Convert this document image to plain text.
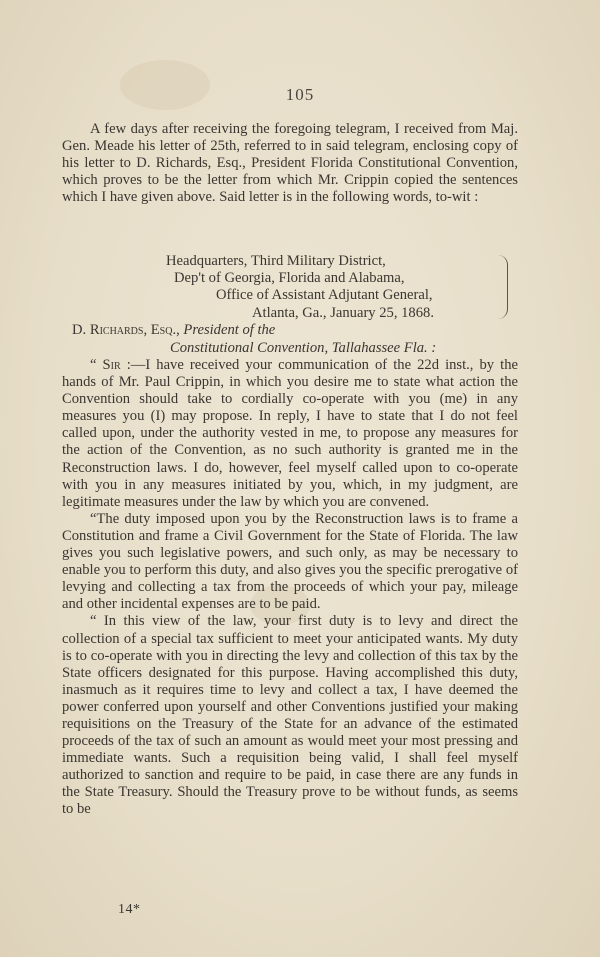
105

A few days after receiving the foregoing telegram, I received from Maj. Gen. Meade his letter of 25th, referred to in said telegram, enclosing copy of his letter to D. Richards, Esq., President Florida Constitutional Convention, which proves to be the letter from which Mr. Crippin copied the sentences which I have given above. Said letter is in the following words, to-wit :

Headquarters, Third Military District,
Dep't of Georgia, Florida and Alabama,
Office of Assistant Adjutant General,
Atlanta, Ga., January 25, 1868.
D. Richards, Esq., President of the
Constitutional Convention, Tallahassee Fla. :

“ Sir :—I have received your communication of the 22d inst., by the hands of Mr. Paul Crippin, in which you desire me to state what action the Convention should take to cordially co-operate with you (me) in any measures you (I) may propose. In reply, I have to state that I do not feel called upon, under the authority vested in me, to propose any measures for the action of the Convention, as no such authority is granted me in the Reconstruction laws. I do, however, feel myself called upon to co-operate with you in any measures initiated by you, which, in my judgment, are legitimate measures under the law by which you are convened.

“The duty imposed upon you by the Reconstruction laws is to frame a Constitution and frame a Civil Government for the State of Florida. The law gives you such legislative powers, and such only, as may be necessary to enable you to perform this duty, and also gives you the specific prerogative of levying and collecting a tax from the proceeds of which your pay, mileage and other incidental expenses are to be paid.

“ In this view of the law, your first duty is to levy and direct the collection of a special tax sufficient to meet your anticipated wants. My duty is to co-operate with you in directing the levy and collection of this tax by the State officers designated for this purpose. Having accomplished this duty, inasmuch as it requires time to levy and collect a tax, I have deemed the power conferred upon yourself and other Conventions justified your making requisitions on the Treasury of the State for an advance of the estimated proceeds of the tax of such an amount as would meet your most pressing and immediate wants. Such a requisition being valid, I shall feel myself authorized to sanction and require to be paid, in case there are any funds in the State Treasury. Should the Treasury prove to be without funds, as seems to be

14*
